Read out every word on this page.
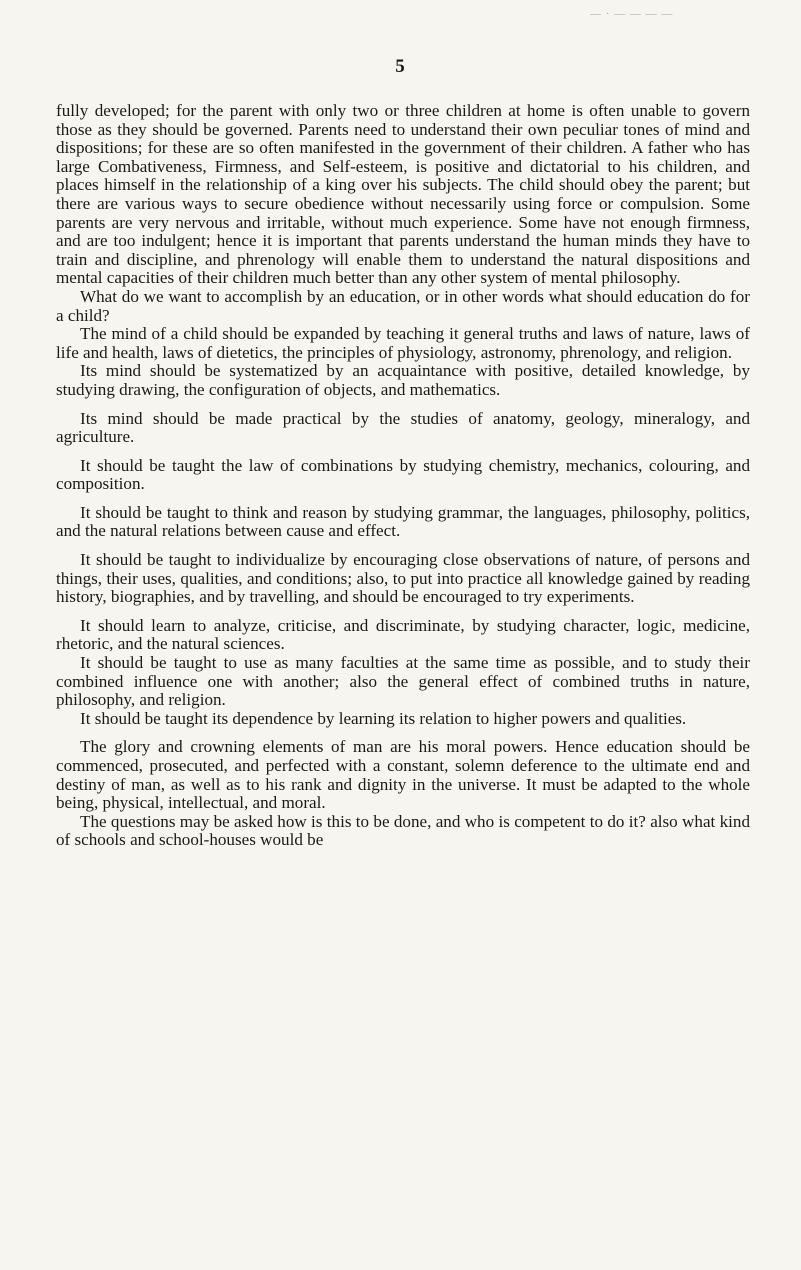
— · — — — —
5

fully developed; for the parent with only two or three children at home is often unable to govern those as they should be governed. Parents need to understand their own peculiar tones of mind and dispositions; for these are so often manifested in the government of their children. A father who has large Combativeness, Firmness, and Self-esteem, is positive and dictatorial to his children, and places himself in the relationship of a king over his subjects. The child should obey the parent; but there are various ways to secure obedience without necessarily using force or compulsion. Some parents are very nervous and irritable, without much experience. Some have not enough firmness, and are too indulgent; hence it is important that parents understand the human minds they have to train and discipline, and phrenology will enable them to understand the natural dispositions and mental capacities of their children much better than any other system of mental philosophy.

What do we want to accomplish by an education, or in other words what should education do for a child?

The mind of a child should be expanded by teaching it general truths and laws of nature, laws of life and health, laws of dietetics, the principles of physiology, astronomy, phrenology, and religion.

Its mind should be systematized by an acquaintance with positive, detailed knowledge, by studying drawing, the configuration of objects, and mathematics.

Its mind should be made practical by the studies of anatomy, geology, mineralogy, and agriculture.

It should be taught the law of combinations by studying chemistry, mechanics, colouring, and composition.

It should be taught to think and reason by studying grammar, the languages, philosophy, politics, and the natural relations between cause and effect.

It should be taught to individualize by encouraging close observations of nature, of persons and things, their uses, qualities, and conditions; also, to put into practice all knowledge gained by reading history, biographies, and by travelling, and should be encouraged to try experiments.

It should learn to analyze, criticise, and discriminate, by studying character, logic, medicine, rhetoric, and the natural sciences.

It should be taught to use as many faculties at the same time as possible, and to study their combined influence one with another; also the general effect of combined truths in nature, philosophy, and religion.

It should be taught its dependence by learning its relation to higher powers and qualities.

The glory and crowning elements of man are his moral powers. Hence education should be commenced, prosecuted, and perfected with a constant, solemn deference to the ultimate end and destiny of man, as well as to his rank and dignity in the universe. It must be adapted to the whole being, physical, intellectual, and moral.

The questions may be asked how is this to be done, and who is competent to do it? also what kind of schools and school-houses would be
